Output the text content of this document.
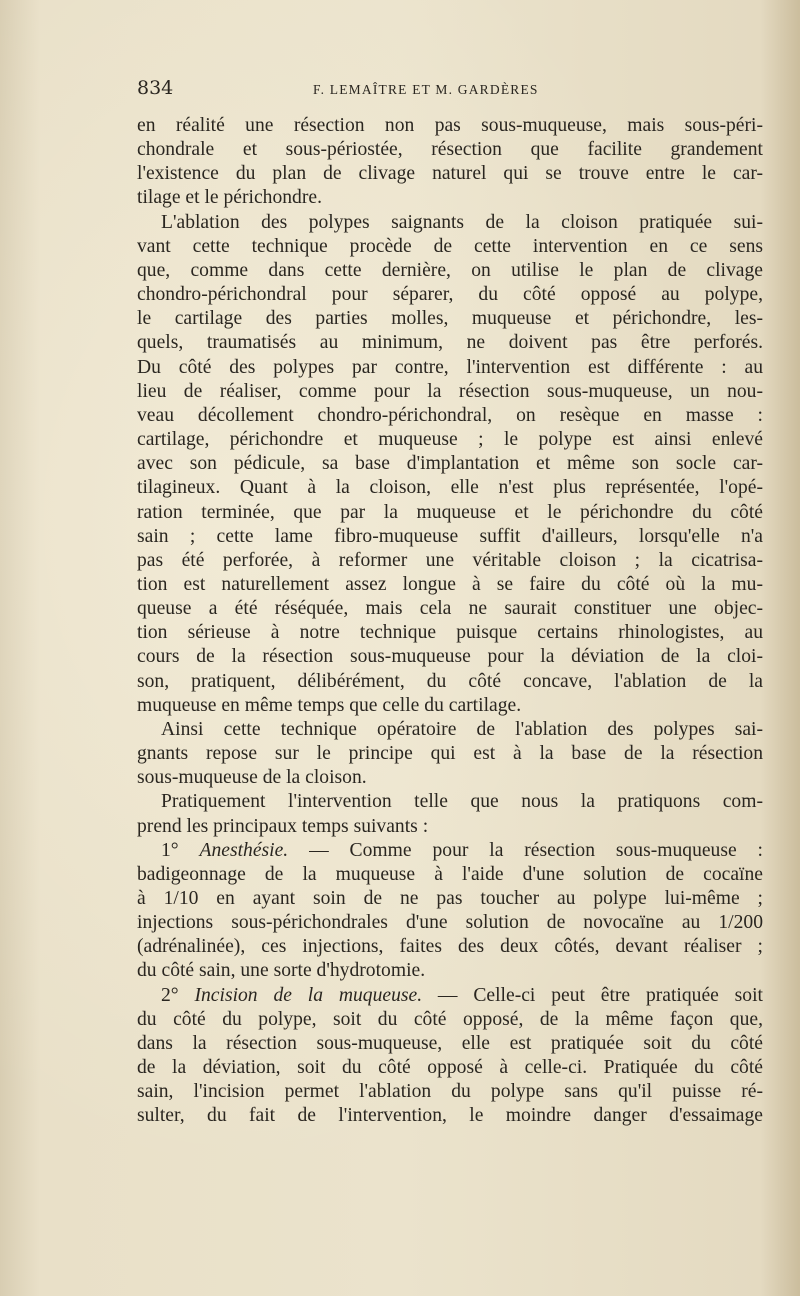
834	F. LEMAÎTRE ET M. GARDÈRES
en réalité une résection non pas sous-muqueuse, mais sous-péri-
chondrale et sous-périostée, résection que facilite grandement
l'existence du plan de clivage naturel qui se trouve entre le car-
tilage et le périchondre.
L'ablation des polypes saignants de la cloison pratiquée sui-
vant cette technique procède de cette intervention en ce sens
que, comme dans cette dernière, on utilise le plan de clivage
chondro-périchondral pour séparer, du côté opposé au polype,
le cartilage des parties molles, muqueuse et périchondre, les-
quels, traumatisés au minimum, ne doivent pas être perforés.
Du côté des polypes par contre, l'intervention est différente : au
lieu de réaliser, comme pour la résection sous-muqueuse, un nou-
veau décollement chondro-périchondral, on resèque en masse :
cartilage, périchondre et muqueuse ; le polype est ainsi enlevé
avec son pédicule, sa base d'implantation et même son socle car-
tilagineux. Quant à la cloison, elle n'est plus représentée, l'opé-
ration terminée, que par la muqueuse et le périchondre du côté
sain ; cette lame fibro-muqueuse suffit d'ailleurs, lorsqu'elle n'a
pas été perforée, à reformer une véritable cloison ; la cicatrisa-
tion est naturellement assez longue à se faire du côté où la mu-
queuse a été réséquée, mais cela ne saurait constituer une objec-
tion sérieuse à notre technique puisque certains rhinologistes, au
cours de la résection sous-muqueuse pour la déviation de la cloi-
son, pratiquent, délibérément, du côté concave, l'ablation de la
muqueuse en même temps que celle du cartilage.
Ainsi cette technique opératoire de l'ablation des polypes sai-
gnants repose sur le principe qui est à la base de la résection
sous-muqueuse de la cloison.
Pratiquement l'intervention telle que nous la pratiquons com-
prend les principaux temps suivants :
1° Anesthésie. — Comme pour la résection sous-muqueuse :
badigeonnage de la muqueuse à l'aide d'une solution de cocaïne
à 1/10 en ayant soin de ne pas toucher au polype lui-même ;
injections sous-périchondrales d'une solution de novocaïne au 1/200
(adrénalinée), ces injections, faites des deux côtés, devant réaliser ;
du côté sain, une sorte d'hydrotomie.
2° Incision de la muqueuse. — Celle-ci peut être pratiquée soit
du côté du polype, soit du côté opposé, de la même façon que,
dans la résection sous-muqueuse, elle est pratiquée soit du côté
de la déviation, soit du côté opposé à celle-ci. Pratiquée du côté
sain, l'incision permet l'ablation du polype sans qu'il puisse ré-
sulter, du fait de l'intervention, le moindre danger d'essaimage
